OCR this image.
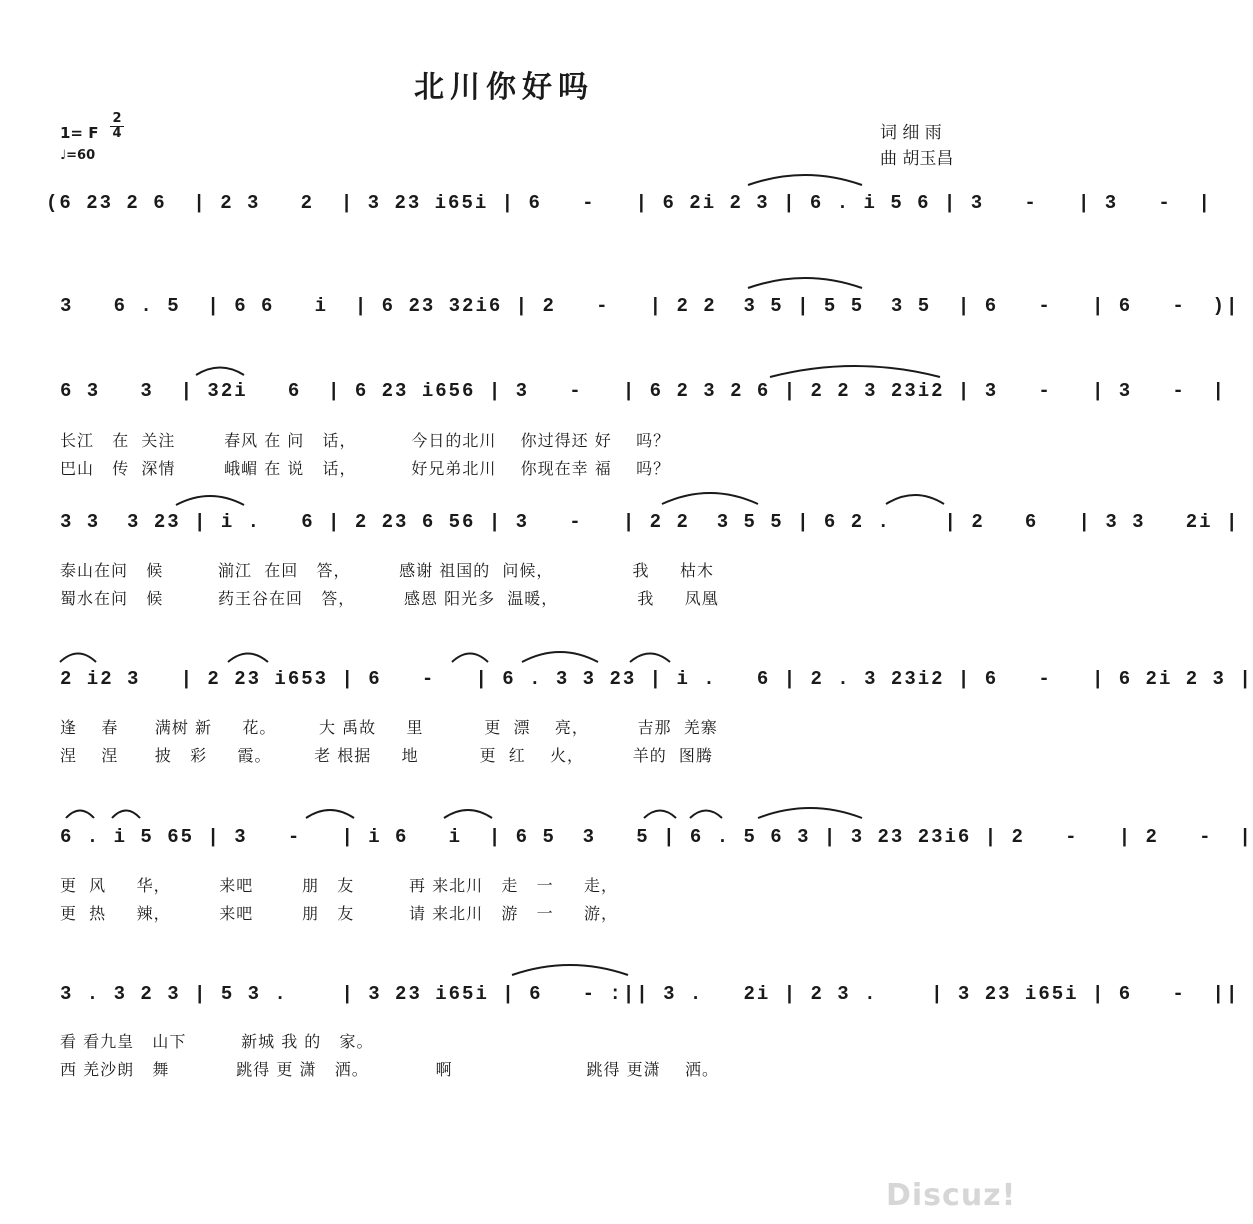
北川你好吗
1= F
2
4
♩=60
词 细 雨
曲 胡玉昌
(6 23 2 6  | 2 3   2  | 3 23 i65i | 6   -   | 6 2i 2 3 | 6 . i 5 6 | 3   -   | 3   -  |
3   6 . 5  | 6 6   i  | 6 23 32i6 | 2   -   | 2 2  3 5 | 5 5  3 5  | 6   -   | 6   -  )|
6 3   3  | 32i   6  | 6 23 i656 | 3   -   | 6 2 3 2 6 | 2 2 3 23i2 | 3   -   | 3   -  |
长江   在  关注        春风 在 问   话，         今日的北川    你过得还 好    吗？
巴山   传  深情        峨嵋 在 说   话，         好兄弟北川    你现在幸 福    吗？
3 3  3 23 | i .   6 | 2 23 6 56 | 3   -   | 2 2  3 5 5 | 6 2 .    | 2   6   | 3 3   2i |
泰山在问   候         湔江  在回   答，        感谢 祖国的  问候，             我     枯木
蜀水在问   候         药王谷在回   答，        感恩 阳光多  温暖，             我     凤凰
2 i2 3   | 2 23 i653 | 6   -   | 6 . 3 3 23 | i .   6 | 2 . 3 23i2 | 6   -   | 6 2i 2 3 |
逢    春      满树 新     花。       大 禹故     里          更  漂    亮，        吉那  羌寨
涅    涅      披   彩     霞。       老 根据     地          更  红    火，        羊的  图腾
6 . i 5 65 | 3   -   | i 6   i  | 6 5  3   5 | 6 . 5 6 3 | 3 23 23i6 | 2   -   | 2   -  |
更  风     华，        来吧        朋   友         再 来北川   走   一     走，
更  热     辣，        来吧        朋   友         请 来北川   游   一     游，
3 . 3 2 3 | 5 3 .    | 3 23 i65i | 6   - :|| 3 .   2i | 2 3 .    | 3 23 i65i | 6   -  ||
看 看九皇   山下         新城 我 的   家。
西 羌沙朗   舞           跳得 更 潇   洒。           啊                      跳得 更潇    洒。
Discuz!
